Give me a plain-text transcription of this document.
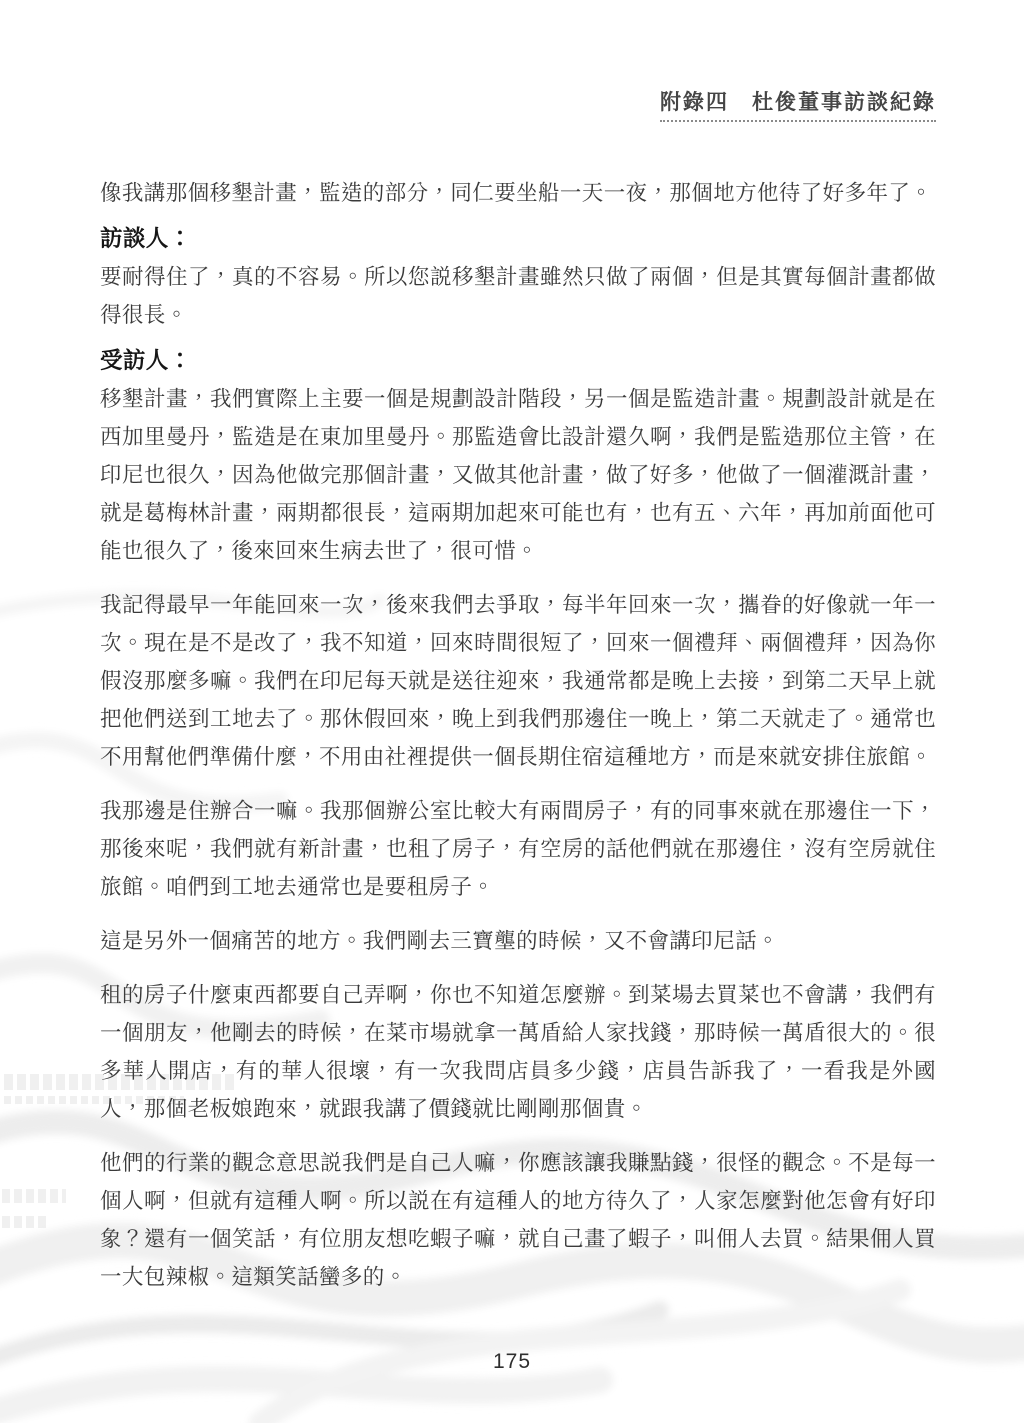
附錄四　杜俊董事訪談紀錄

像我講那個移墾計畫，監造的部分，同仁要坐船一天一夜，那個地方他待了好多年了。

訪談人：

要耐得住了，真的不容易。所以您説移墾計畫雖然只做了兩個，但是其實每個計畫都做得很長。

受訪人：

移墾計畫，我們實際上主要一個是規劃設計階段，另一個是監造計畫。規劃設計就是在西加里曼丹，監造是在東加里曼丹。那監造會比設計還久啊，我們是監造那位主管，在印尼也很久，因為他做完那個計畫，又做其他計畫，做了好多，他做了一個灌溉計畫，就是葛梅林計畫，兩期都很長，這兩期加起來可能也有，也有五、六年，再加前面他可能也很久了，後來回來生病去世了，很可惜。

我記得最早一年能回來一次，後來我們去爭取，每半年回來一次，攜眷的好像就一年一次。現在是不是改了，我不知道，回來時間很短了，回來一個禮拜、兩個禮拜，因為你假沒那麼多嘛。我們在印尼每天就是送往迎來，我通常都是晚上去接，到第二天早上就把他們送到工地去了。那休假回來，晚上到我們那邊住一晚上，第二天就走了。通常也不用幫他們準備什麼，不用由社裡提供一個長期住宿這種地方，而是來就安排住旅館。

我那邊是住辦合一嘛。我那個辦公室比較大有兩間房子，有的同事來就在那邊住一下，那後來呢，我們就有新計畫，也租了房子，有空房的話他們就在那邊住，沒有空房就住旅館。咱們到工地去通常也是要租房子。

這是另外一個痛苦的地方。我們剛去三寶壟的時候，又不會講印尼話。

租的房子什麼東西都要自己弄啊，你也不知道怎麼辦。到菜場去買菜也不會講，我們有一個朋友，他剛去的時候，在菜市場就拿一萬盾給人家找錢，那時候一萬盾很大的。很多華人開店，有的華人很壞，有一次我問店員多少錢，店員告訴我了，一看我是外國人，那個老板娘跑來，就跟我講了價錢就比剛剛那個貴。

他們的行業的觀念意思説我們是自己人嘛，你應該讓我賺點錢，很怪的觀念。不是每一個人啊，但就有這種人啊。所以説在有這種人的地方待久了，人家怎麼對他怎會有好印象？還有一個笑話，有位朋友想吃蝦子嘛，就自己畫了蝦子，叫佣人去買。結果佣人買一大包辣椒。這類笑話蠻多的。

175
